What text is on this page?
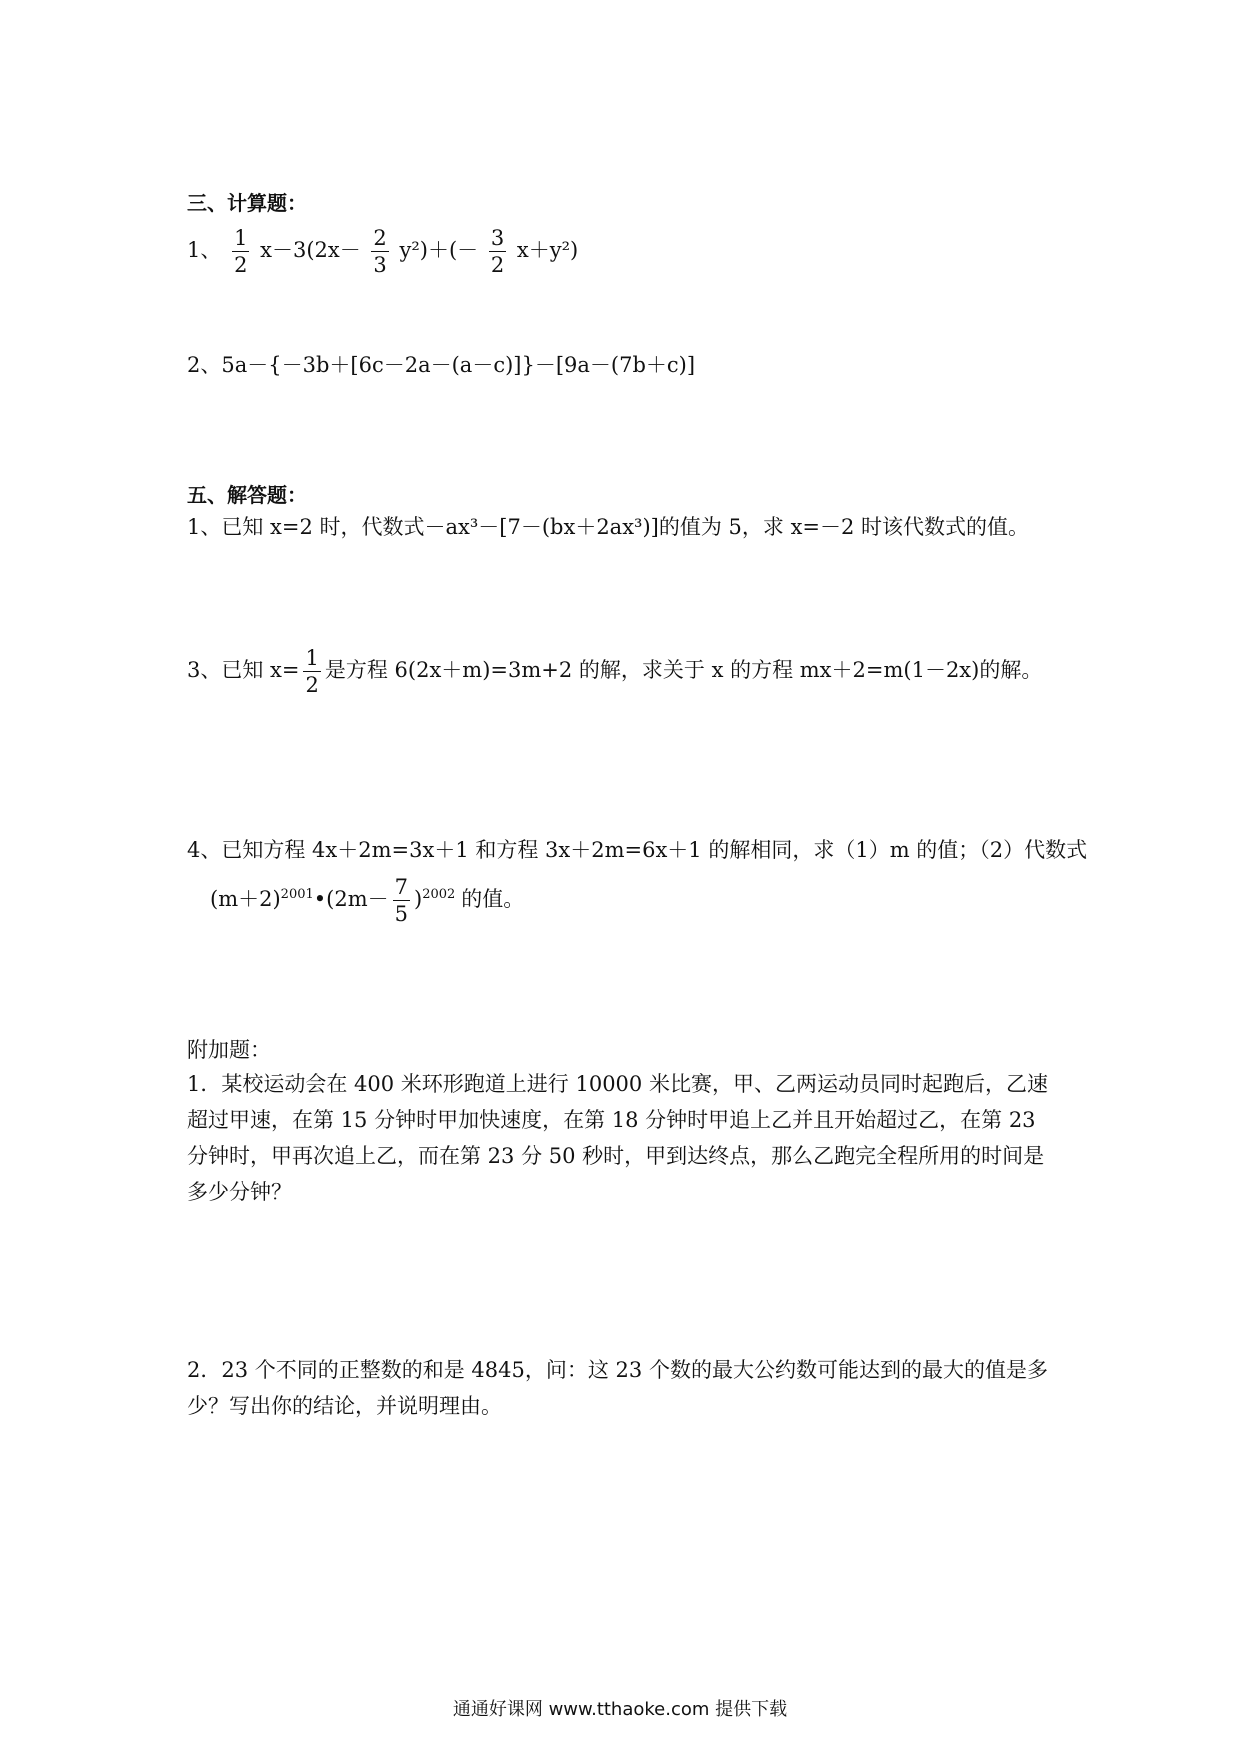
三、计算题：
1、 $\frac{1}{2} x-3(2x- \frac{2}{3} y^2)+(- \frac{3}{2} x+y^2)$
2、5a－{－3b＋[6c－2a－(a－c)]}－[9a－(7b＋c)]
五、解答题：
1、已知 x=2 时，代数式－ax³－[7－(bx＋2ax³)]的值为 5，求 x=－2 时该代数式的值。
3、已知 $x= \frac{1}{2}$ 是方程 6(2x＋m)=3m+2 的解，求关于 x 的方程 mx＋2=m(1－2x)的解。
4、已知方程 4x＋2m=3x＋1 和方程 3x＋2m=6x＋1 的解相同，求（1）m 的值；（2）代数式
$(m+2)^{2001}•(2m- \frac{7}{5} )^{2002}$ 的值。
附加题：
1．某校运动会在 400 米环形跑道上进行 10000 米比赛，甲、乙两运动员同时起跑后，乙速超过甲速，在第 15 分钟时甲加快速度，在第 18 分钟时甲追上乙并且开始超过乙，在第 23 分钟时，甲再次追上乙，而在第 23 分 50 秒时，甲到达终点，那么乙跑完全程所用的时间是多少分钟？
2．23 个不同的正整数的和是 4845，问：这 23 个数的最大公约数可能达到的最大的值是多少？写出你的结论，并说明理由。
通通好课网 www.tthaoke.com 提供下载
